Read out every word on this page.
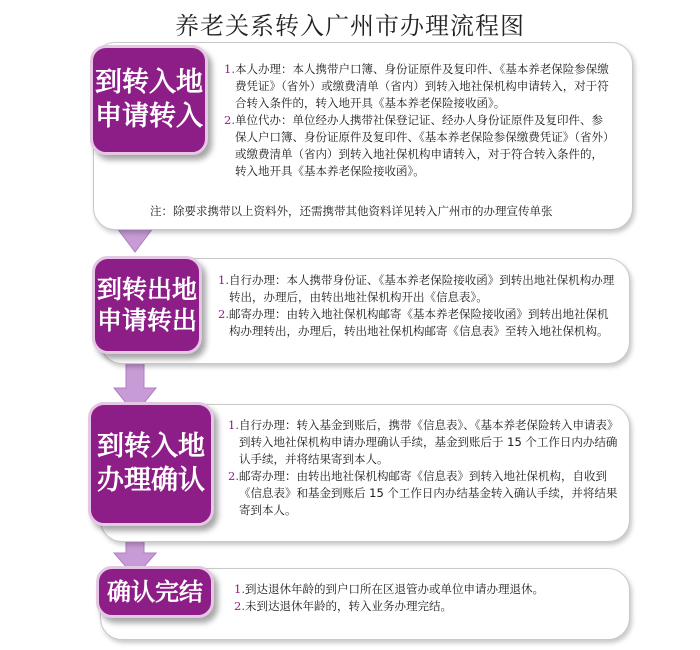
养老关系转入广州市办理流程图
1. 本人办理：本人携带户口簿、身份证原件及复印件、《基本养老保险参保缴费凭证》（省外）或缴费清单（省内）到转入地社保机构申请转入，对于符合转入条件的，转入地开具《基本养老保险接收函》。
2. 单位代办：单位经办人携带社保登记证、经办人身份证原件及复印件、参保人户口簿、身份证原件及复印件、《基本养老保险参保缴费凭证》（省外）或缴费清单（省内）到转入地社保机构申请转入，对于符合转入条件的，转入地开具《基本养老保险接收函》。
注：除要求携带以上资料外，还需携带其他资料详见转入广州市的办理宣传单张
到转入地
申请转入
1. 自行办理：本人携带身份证、《基本养老保险接收函》到转出地社保机构办理转出，办理后，由转出地社保机构开出《信息表》。
2. 邮寄办理：由转入地社保机构邮寄《基本养老保险接收函》到转出地社保机构办理转出，办理后，转出地社保机构邮寄《信息表》至转入地社保机构。
到转出地
申请转出
1. 自行办理：转入基金到账后，携带《信息表》、《基本养老保险转入申请表》到转入地社保机构申请办理确认手续，基金到账后于 15 个工作日内办结确认手续，并将结果寄到本人。
2. 邮寄办理：由转出地社保机构邮寄《信息表》到转入地社保机构，自收到《信息表》和基金到账后 15 个工作日内办结基金转入确认手续，并将结果寄到本人。
到转入地
办理确认
1. 到达退休年龄的到户口所在区退管办或单位申请办理退休。
2. 未到达退休年龄的，转入业务办理完结。
确认完结
